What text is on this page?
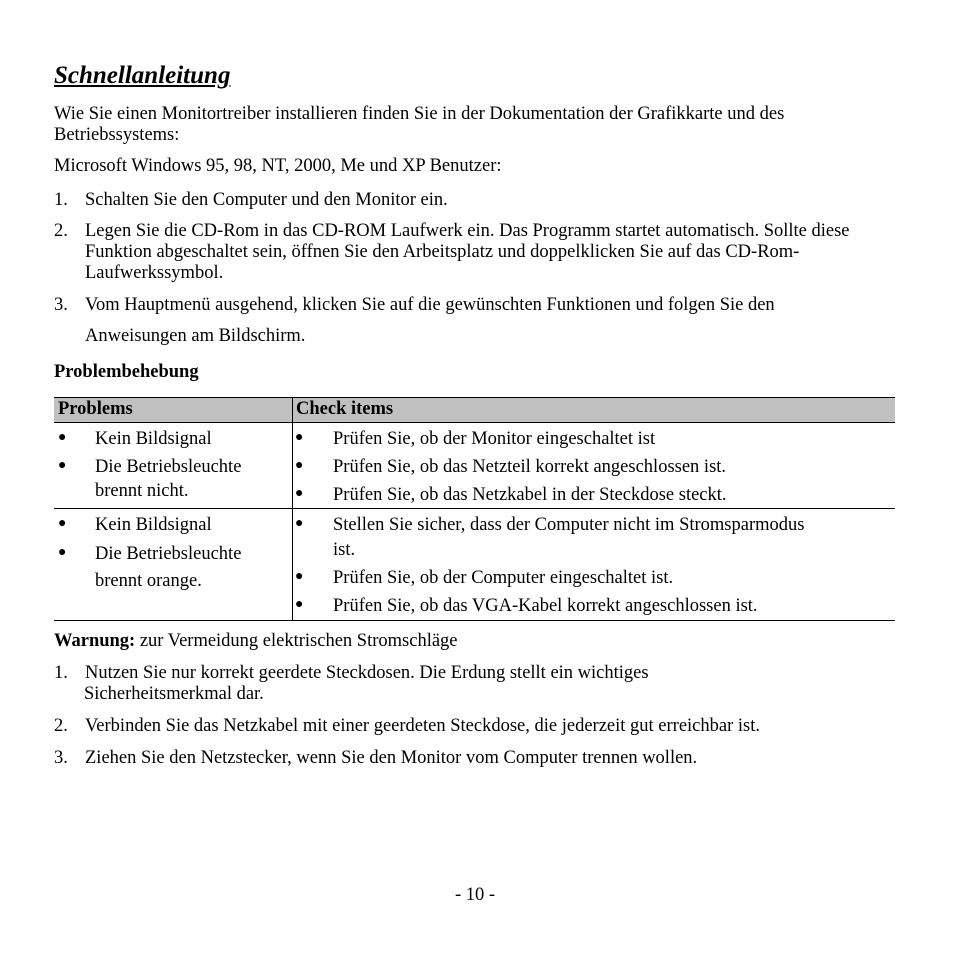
Schnellanleitung

Wie Sie einen Monitortreiber installieren finden Sie in der Dokumentation der Grafikkarte und des Betriebssystems:

Microsoft Windows 95, 98, NT, 2000, Me und XP Benutzer:

1. Schalten Sie den Computer und den Monitor ein.
2. Legen Sie die CD-Rom in das CD-ROM Laufwerk ein. Das Programm startet automatisch. Sollte diese Funktion abgeschaltet sein, öffnen Sie den Arbeitsplatz und doppelklicken Sie auf das CD-Rom-Laufwerkssymbol.
3. Vom Hauptmenü ausgehend, klicken Sie auf die gewünschten Funktionen und folgen Sie den
Anweisungen am Bildschirm.
Problembehebung
Problems	Check items
● Kein Bildsignal
● Die Betriebsleuchte
brennt nicht.
● Prüfen Sie, ob der Monitor eingeschaltet ist
● Prüfen Sie, ob das Netzteil korrekt angeschlossen ist.
● Prüfen Sie, ob das Netzkabel in der Steckdose steckt.
● Kein Bildsignal
● Die Betriebsleuchte
brennt orange.
● Stellen Sie sicher, dass der Computer nicht im Stromsparmodus
ist.
● Prüfen Sie, ob der Computer eingeschaltet ist.
● Prüfen Sie, ob das VGA-Kabel korrekt angeschlossen ist.

Warnung: zur Vermeidung elektrischen Stromschläge

1. Nutzen Sie nur korrekt geerdete Steckdosen. Die Erdung stellt ein wichtiges
Sicherheitsmerkmal dar.
2. Verbinden Sie das Netzkabel mit einer geerdeten Steckdose, die jederzeit gut erreichbar ist.
3. Ziehen Sie den Netzstecker, wenn Sie den Monitor vom Computer trennen wollen.
- 10 -
